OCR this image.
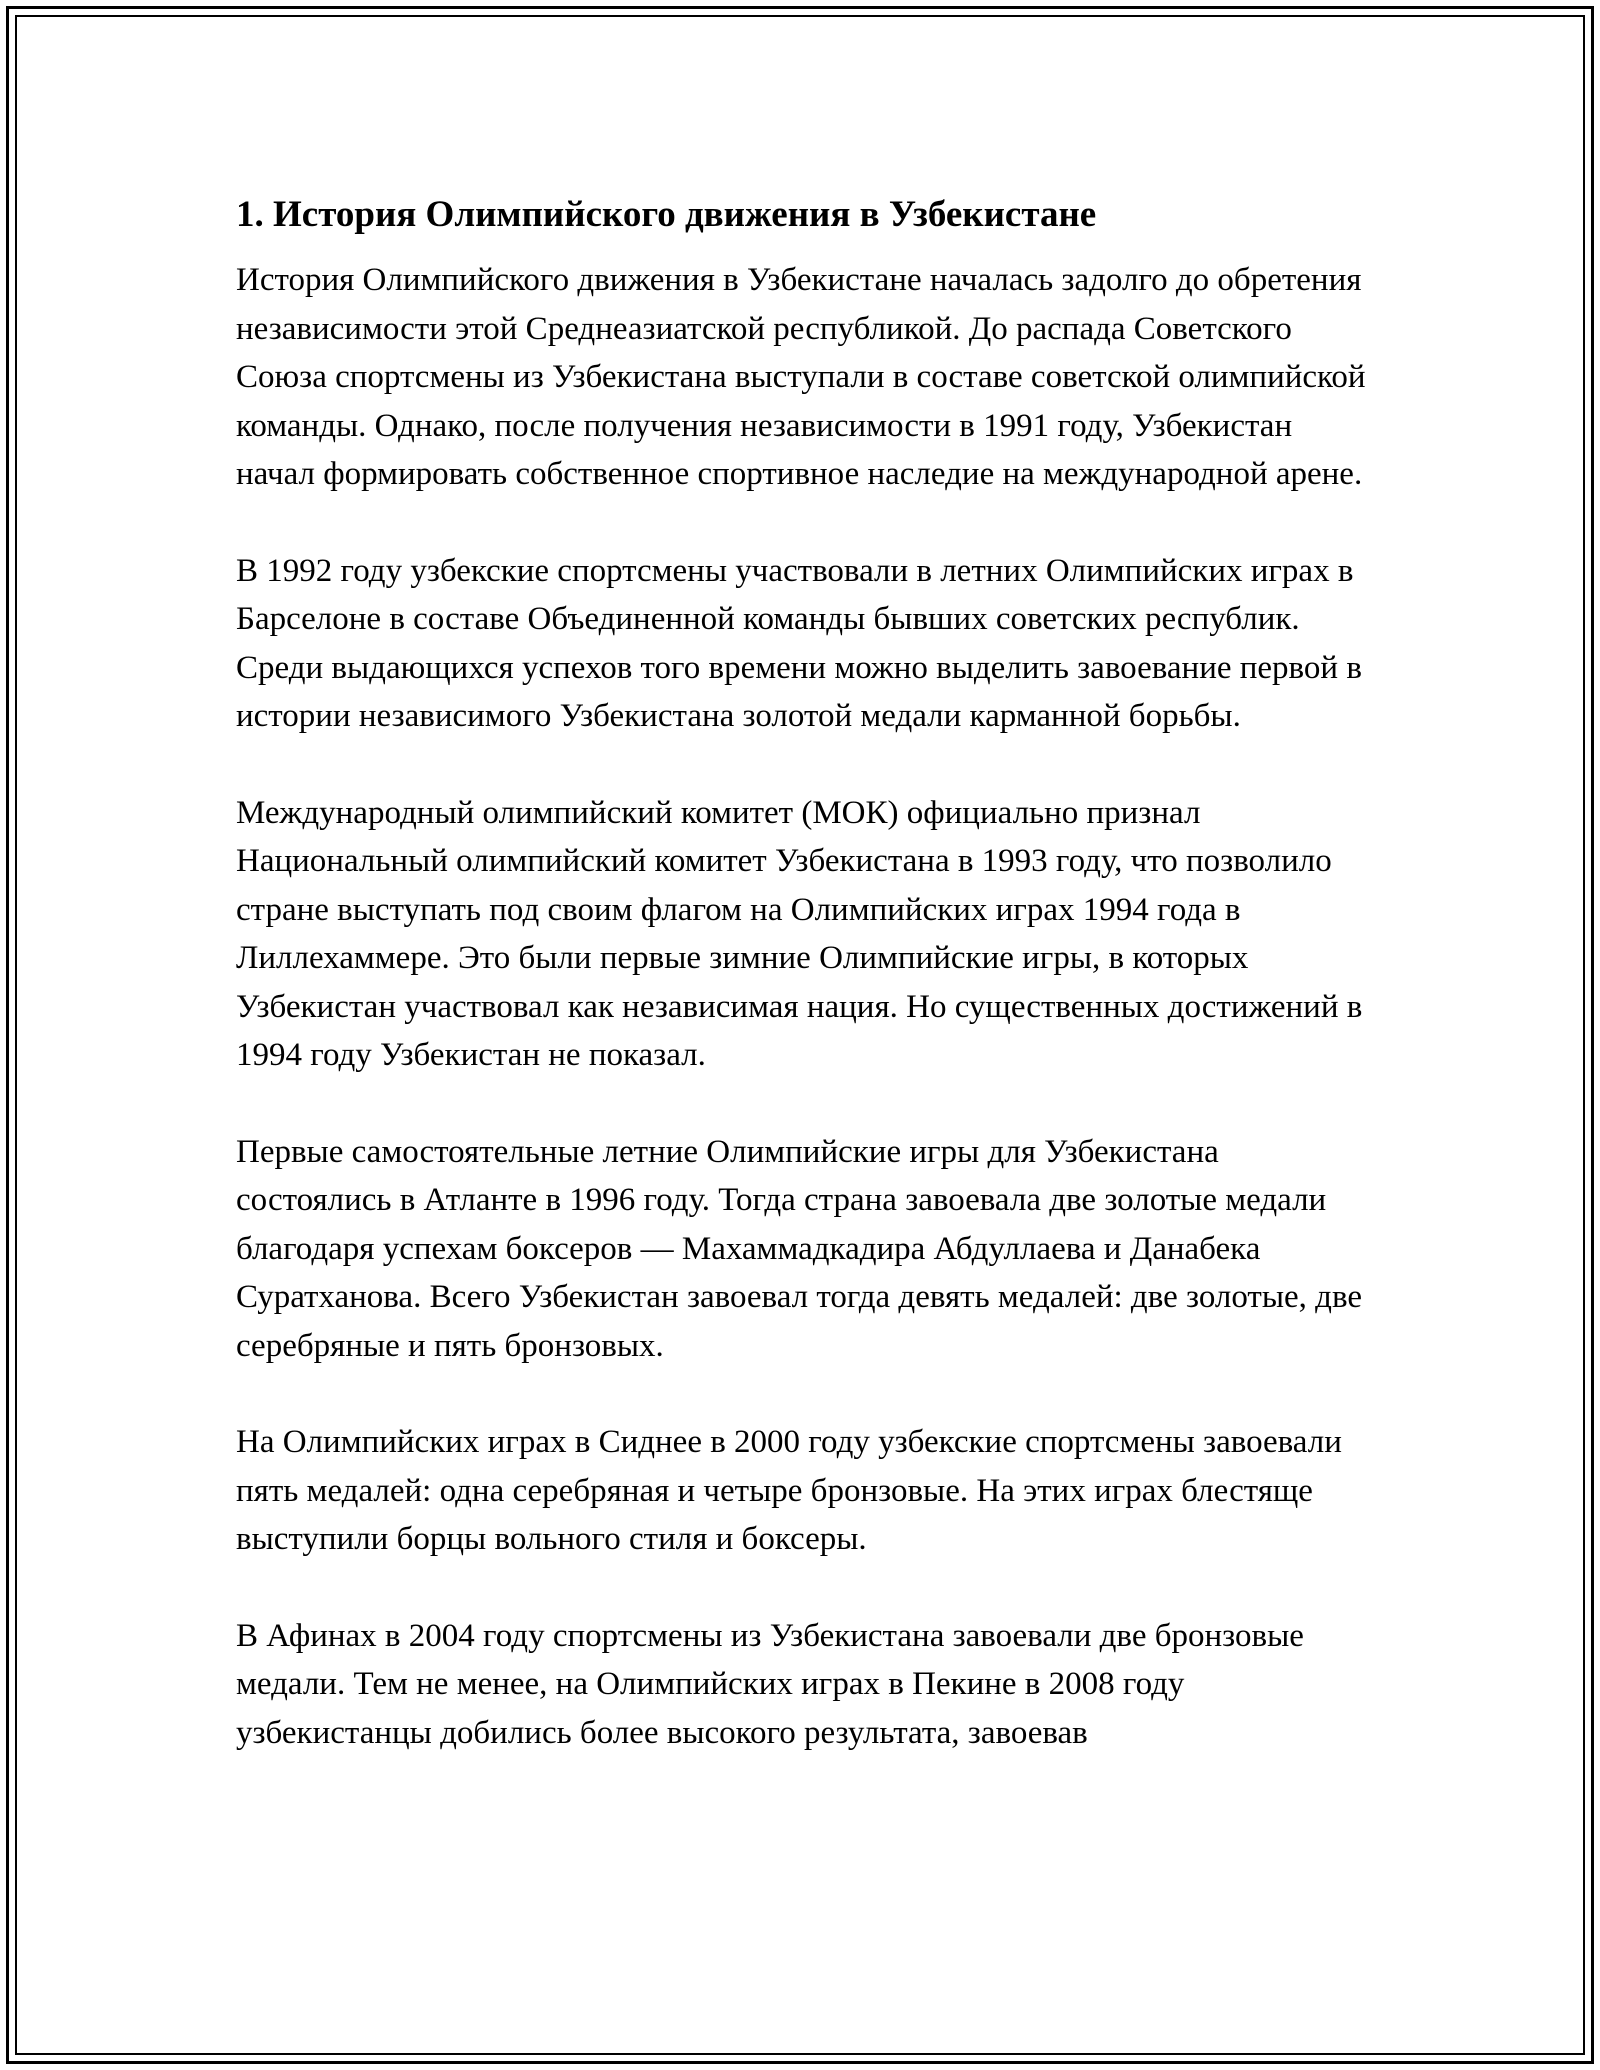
1. История Олимпийского движения в Узбекистане

История Олимпийского движения в Узбекистане началась задолго до обретения независимости этой Среднеазиатской республикой. До распада Советского Союза спортсмены из Узбекистана выступали в составе советской олимпийской команды. Однако, после получения независимости в 1991 году, Узбекистан начал формировать собственное спортивное наследие на международной арене.

В 1992 году узбекские спортсмены участвовали в летних Олимпийских играх в Барселоне в составе Объединенной команды бывших советских республик. Среди выдающихся успехов того времени можно выделить завоевание первой в истории независимого Узбекистана золотой медали карманной борьбы.

Международный олимпийский комитет (МОК) официально признал Национальный олимпийский комитет Узбекистана в 1993 году, что позволило стране выступать под своим флагом на Олимпийских играх 1994 года в Лиллехаммере. Это были первые зимние Олимпийские игры, в которых Узбекистан участвовал как независимая нация. Но существенных достижений в 1994 году Узбекистан не показал.

Первые самостоятельные летние Олимпийские игры для Узбекистана состоялись в Атланте в 1996 году. Тогда страна завоевала две золотые медали благодаря успехам боксеров — Махаммадкадира Абдуллаева и Данабека Суратханова. Всего Узбекистан завоевал тогда девять медалей: две золотые, две серебряные и пять бронзовых.

На Олимпийских играх в Сиднее в 2000 году узбекские спортсмены завоевали пять медалей: одна серебряная и четыре бронзовые. На этих играх блестяще выступили борцы вольного стиля и боксеры.

В Афинах в 2004 году спортсмены из Узбекистана завоевали две бронзовые медали. Тем не менее, на Олимпийских играх в Пекине в 2008 году узбекистанцы добились более высокого результата, завоевав
